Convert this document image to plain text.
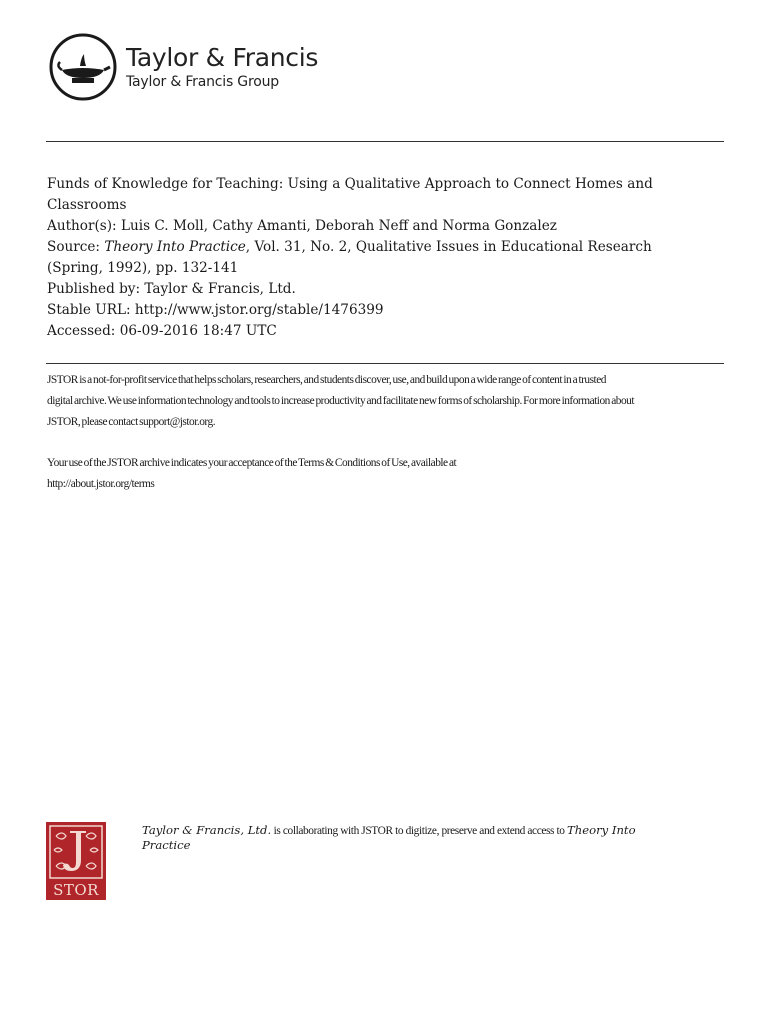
Taylor & Francis
Taylor & Francis Group
Funds of Knowledge for Teaching: Using a Qualitative Approach to Connect Homes and
Classrooms
Author(s): Luis C. Moll, Cathy Amanti, Deborah Neff and Norma Gonzalez
Source: Theory Into Practice, Vol. 31, No. 2, Qualitative Issues in Educational Research
(Spring, 1992), pp. 132-141
Published by: Taylor & Francis, Ltd.
Stable URL: http://www.jstor.org/stable/1476399
Accessed: 06-09-2016 18:47 UTC
JSTOR is a not-for-profit service that helps scholars, researchers, and students discover, use, and build upon a wide range of content in a trusted
digital archive. We use information technology and tools to increase productivity and facilitate new forms of scholarship. For more information about
JSTOR, please contact support@jstor.org.
Your use of the JSTOR archive indicates your acceptance of the Terms & Conditions of Use, available at
http://about.jstor.org/terms
STOR
Taylor & Francis, Ltd. is collaborating with JSTOR to digitize, preserve and extend access to Theory Into
Practice
